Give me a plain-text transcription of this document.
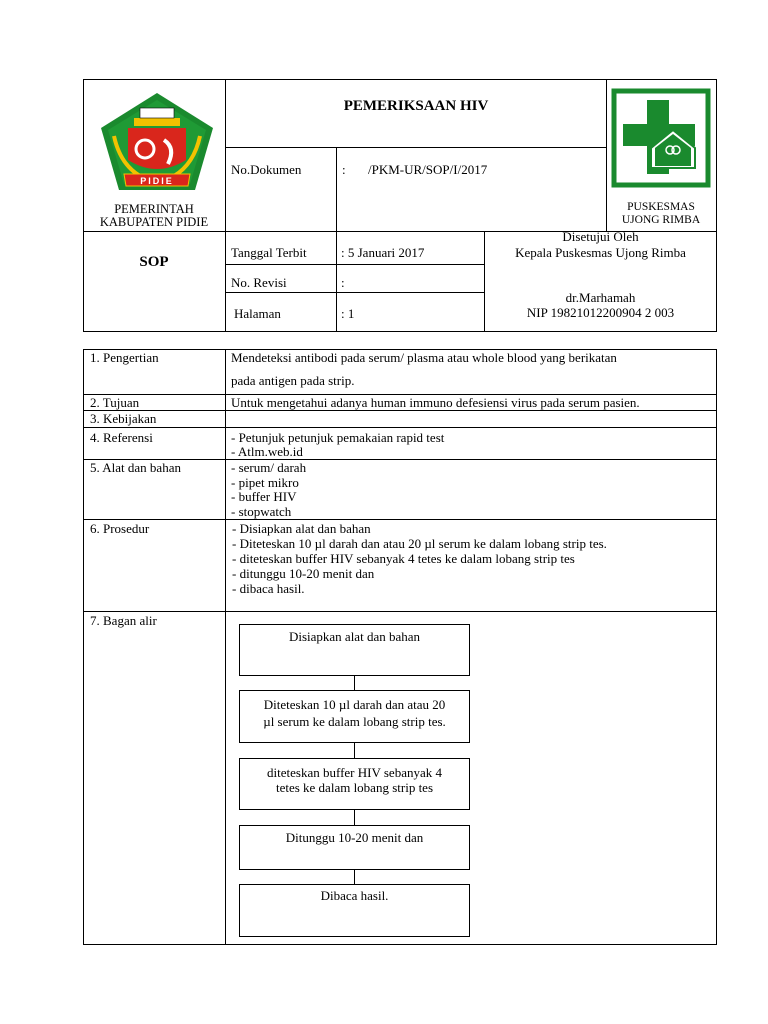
PIDIE
PEMERINTAH
KABUPATEN PIDIE
PEMERIKSAAN HIV
PUSKESMAS
UJONG RIMBA
No.Dokumen	: /PKM-UR/SOP/I/2017
SOP
Tanggal Terbit	: 5 Januari 2017
No. Revisi	:
Halaman	: 1
Disetujui Oleh
Kepala Puskesmas Ujong Rimba
dr.Marhamah
NIP 19821012200904 2 003
1. Pengertian	Mendeteksi antibodi pada serum/ plasma atau whole blood yang berikatan
pada antigen pada strip.
2. Tujuan	Untuk mengetahui adanya human immuno defesiensi virus pada serum pasien.
3. Kebijakan
4. Referensi	- Petunjuk petunjuk pemakaian rapid test
- Atlm.web.id
5. Alat dan bahan	- serum/ darah
- pipet mikro
- buffer HIV
- stopwatch
6. Prosedur	- Disiapkan alat dan bahan
- Diteteskan 10 µl darah dan atau 20 µl serum ke dalam lobang strip tes.
- diteteskan buffer HIV sebanyak 4 tetes ke dalam lobang strip tes
- ditunggu 10-20 menit dan
- dibaca hasil.
7. Bagan alir
Disiapkan alat dan bahan
Diteteskan 10 µl darah dan atau 20
µl serum ke dalam lobang strip tes.
diteteskan buffer HIV sebanyak 4
tetes ke dalam lobang strip tes
Ditunggu 10-20 menit dan
Dibaca hasil.
